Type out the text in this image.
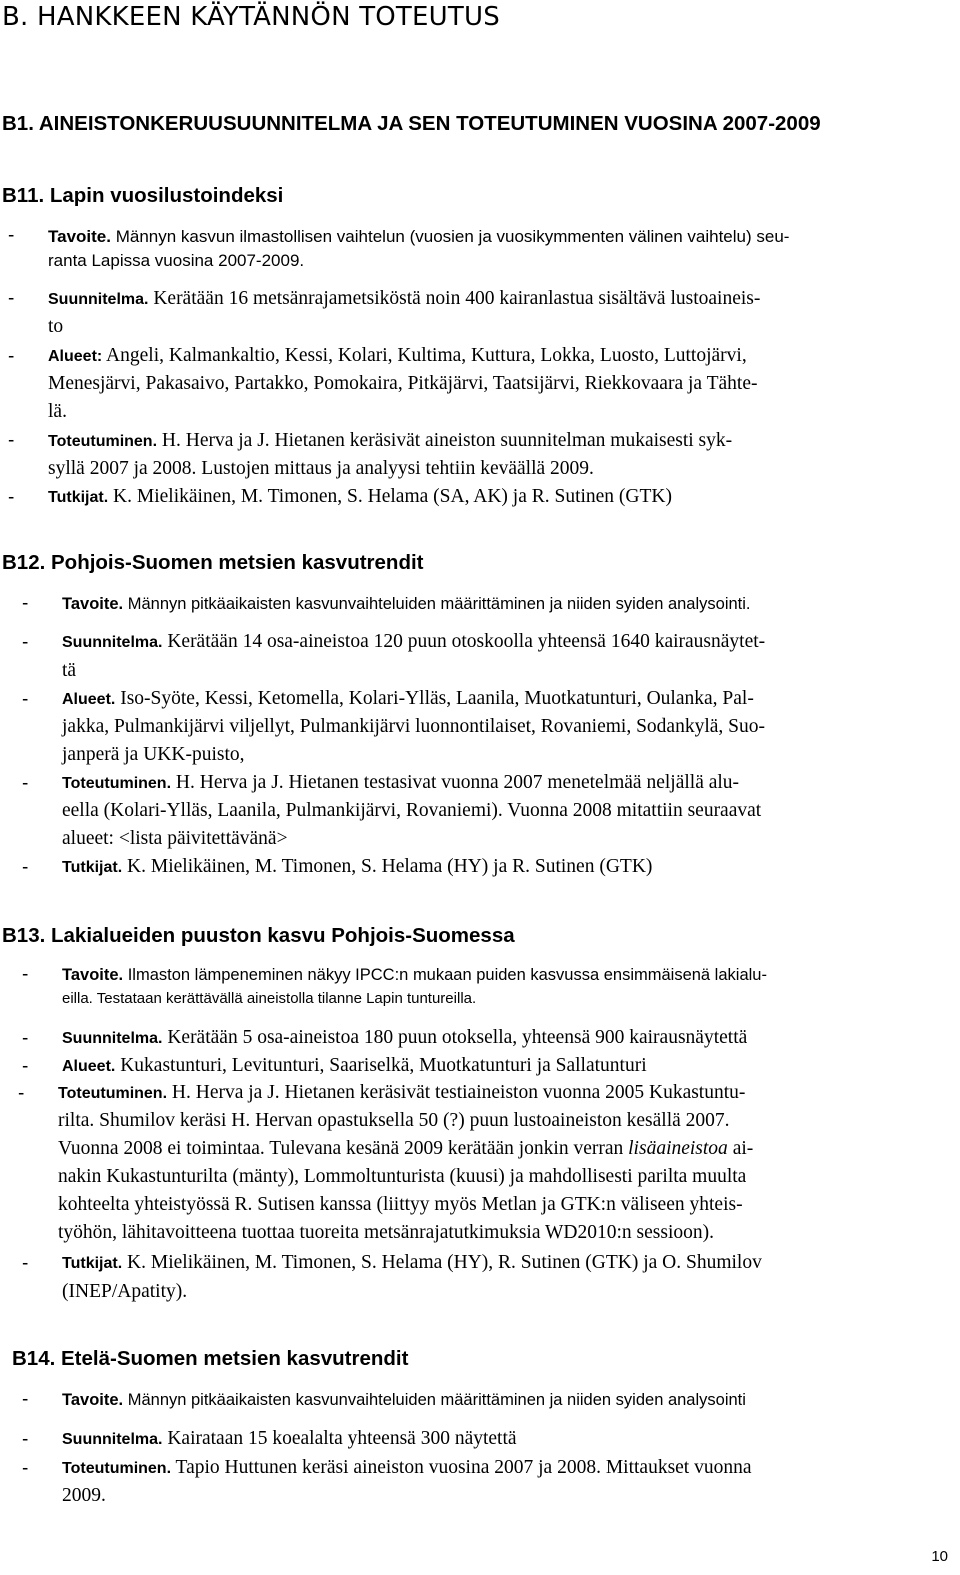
B. HANKKEEN KÄYTÄNNÖN TOTEUTUS
B1. AINEISTONKERUUSUUNNITELMA JA SEN TOTEUTUMINEN VUOSINA 2007-2009
B11. Lapin vuosilustoindeksi
- Tavoite. Männyn kasvun ilmastollisen vaihtelun (vuosien ja vuosikymmenten välinen vaihtelu) seu-
ranta Lapissa vuosina 2007-2009.
- Suunnitelma. Kerätään 16 metsänrajametsiköstä noin 400 kairanlastua sisältävä lustoaineis-
to
- Alueet: Angeli, Kalmankaltio, Kessi, Kolari, Kultima, Kuttura, Lokka, Luosto, Luttojärvi,
Menesjärvi, Pakasaivo, Partakko, Pomokaira, Pitkäjärvi, Taatsijärvi, Riekkovaara ja Tähte-
lä.
- Toteutuminen. H. Herva ja J. Hietanen keräsivät aineiston suunnitelman mukaisesti syk-
syllä 2007 ja 2008. Lustojen mittaus ja analyysi tehtiin keväällä 2009.
- Tutkijat. K. Mielikäinen, M. Timonen, S. Helama (SA, AK) ja R. Sutinen (GTK)
B12. Pohjois-Suomen metsien kasvutrendit
- Tavoite. Männyn pitkäaikaisten kasvunvaihteluiden määrittäminen ja niiden syiden analysointi.
- Suunnitelma. Kerätään 14 osa-aineistoa 120 puun otoskoolla yhteensä 1640 kairausnäytet-
tä
- Alueet. Iso-Syöte, Kessi, Ketomella, Kolari-Ylläs, Laanila, Muotkatunturi, Oulanka, Pal-
jakka, Pulmankijärvi viljellyt, Pulmankijärvi luonnontilaiset, Rovaniemi, Sodankylä, Suo-
janperä ja UKK-puisto,
- Toteutuminen. H. Herva ja J. Hietanen testasivat vuonna 2007 menetelmää neljällä alu-
eella (Kolari-Ylläs, Laanila, Pulmankijärvi, Rovaniemi). Vuonna 2008 mitattiin seuraavat
alueet: <lista päivitettävänä>
- Tutkijat. K. Mielikäinen, M. Timonen, S. Helama (HY) ja R. Sutinen (GTK)
B13. Lakialueiden puuston kasvu Pohjois-Suomessa
- Tavoite. Ilmaston lämpeneminen näkyy IPCC:n mukaan puiden kasvussa ensimmäisenä lakialu-
eilla. Testataan kerättävällä aineistolla tilanne Lapin tuntureilla.
- Suunnitelma. Kerätään 5 osa-aineistoa 180 puun otoksella, yhteensä 900 kairausnäytettä
- Alueet. Kukastunturi, Levitunturi, Saariselkä, Muotkatunturi ja Sallatunturi
- Toteutuminen. H. Herva ja J. Hietanen keräsivät testiaineiston vuonna 2005 Kukastuntu-
rilta. Shumilov keräsi H. Hervan opastuksella 50 (?) puun lustoaineiston kesällä 2007.
Vuonna 2008 ei toimintaa. Tulevana kesänä 2009 kerätään jonkin verran lisäaineistoa ai-
nakin Kukastunturilta (mänty), Lommoltunturista (kuusi) ja mahdollisesti parilta muulta
kohteelta yhteistyössä R. Sutisen kanssa (liittyy myös Metlan ja GTK:n väliseen yhteis-
työhön, lähitavoitteena tuottaa tuoreita metsänrajatutkimuksia WD2010:n sessioon).
- Tutkijat. K. Mielikäinen, M. Timonen, S. Helama (HY), R. Sutinen (GTK) ja O. Shumilov
(INEP/Apatity).
B14. Etelä-Suomen metsien kasvutrendit
- Tavoite. Männyn pitkäaikaisten kasvunvaihteluiden määrittäminen ja niiden syiden analysointi
- Suunnitelma. Kairataan 15 koealalta yhteensä 300 näytettä
- Toteutuminen. Tapio Huttunen keräsi aineiston vuosina 2007 ja 2008. Mittaukset vuonna
2009.
10
